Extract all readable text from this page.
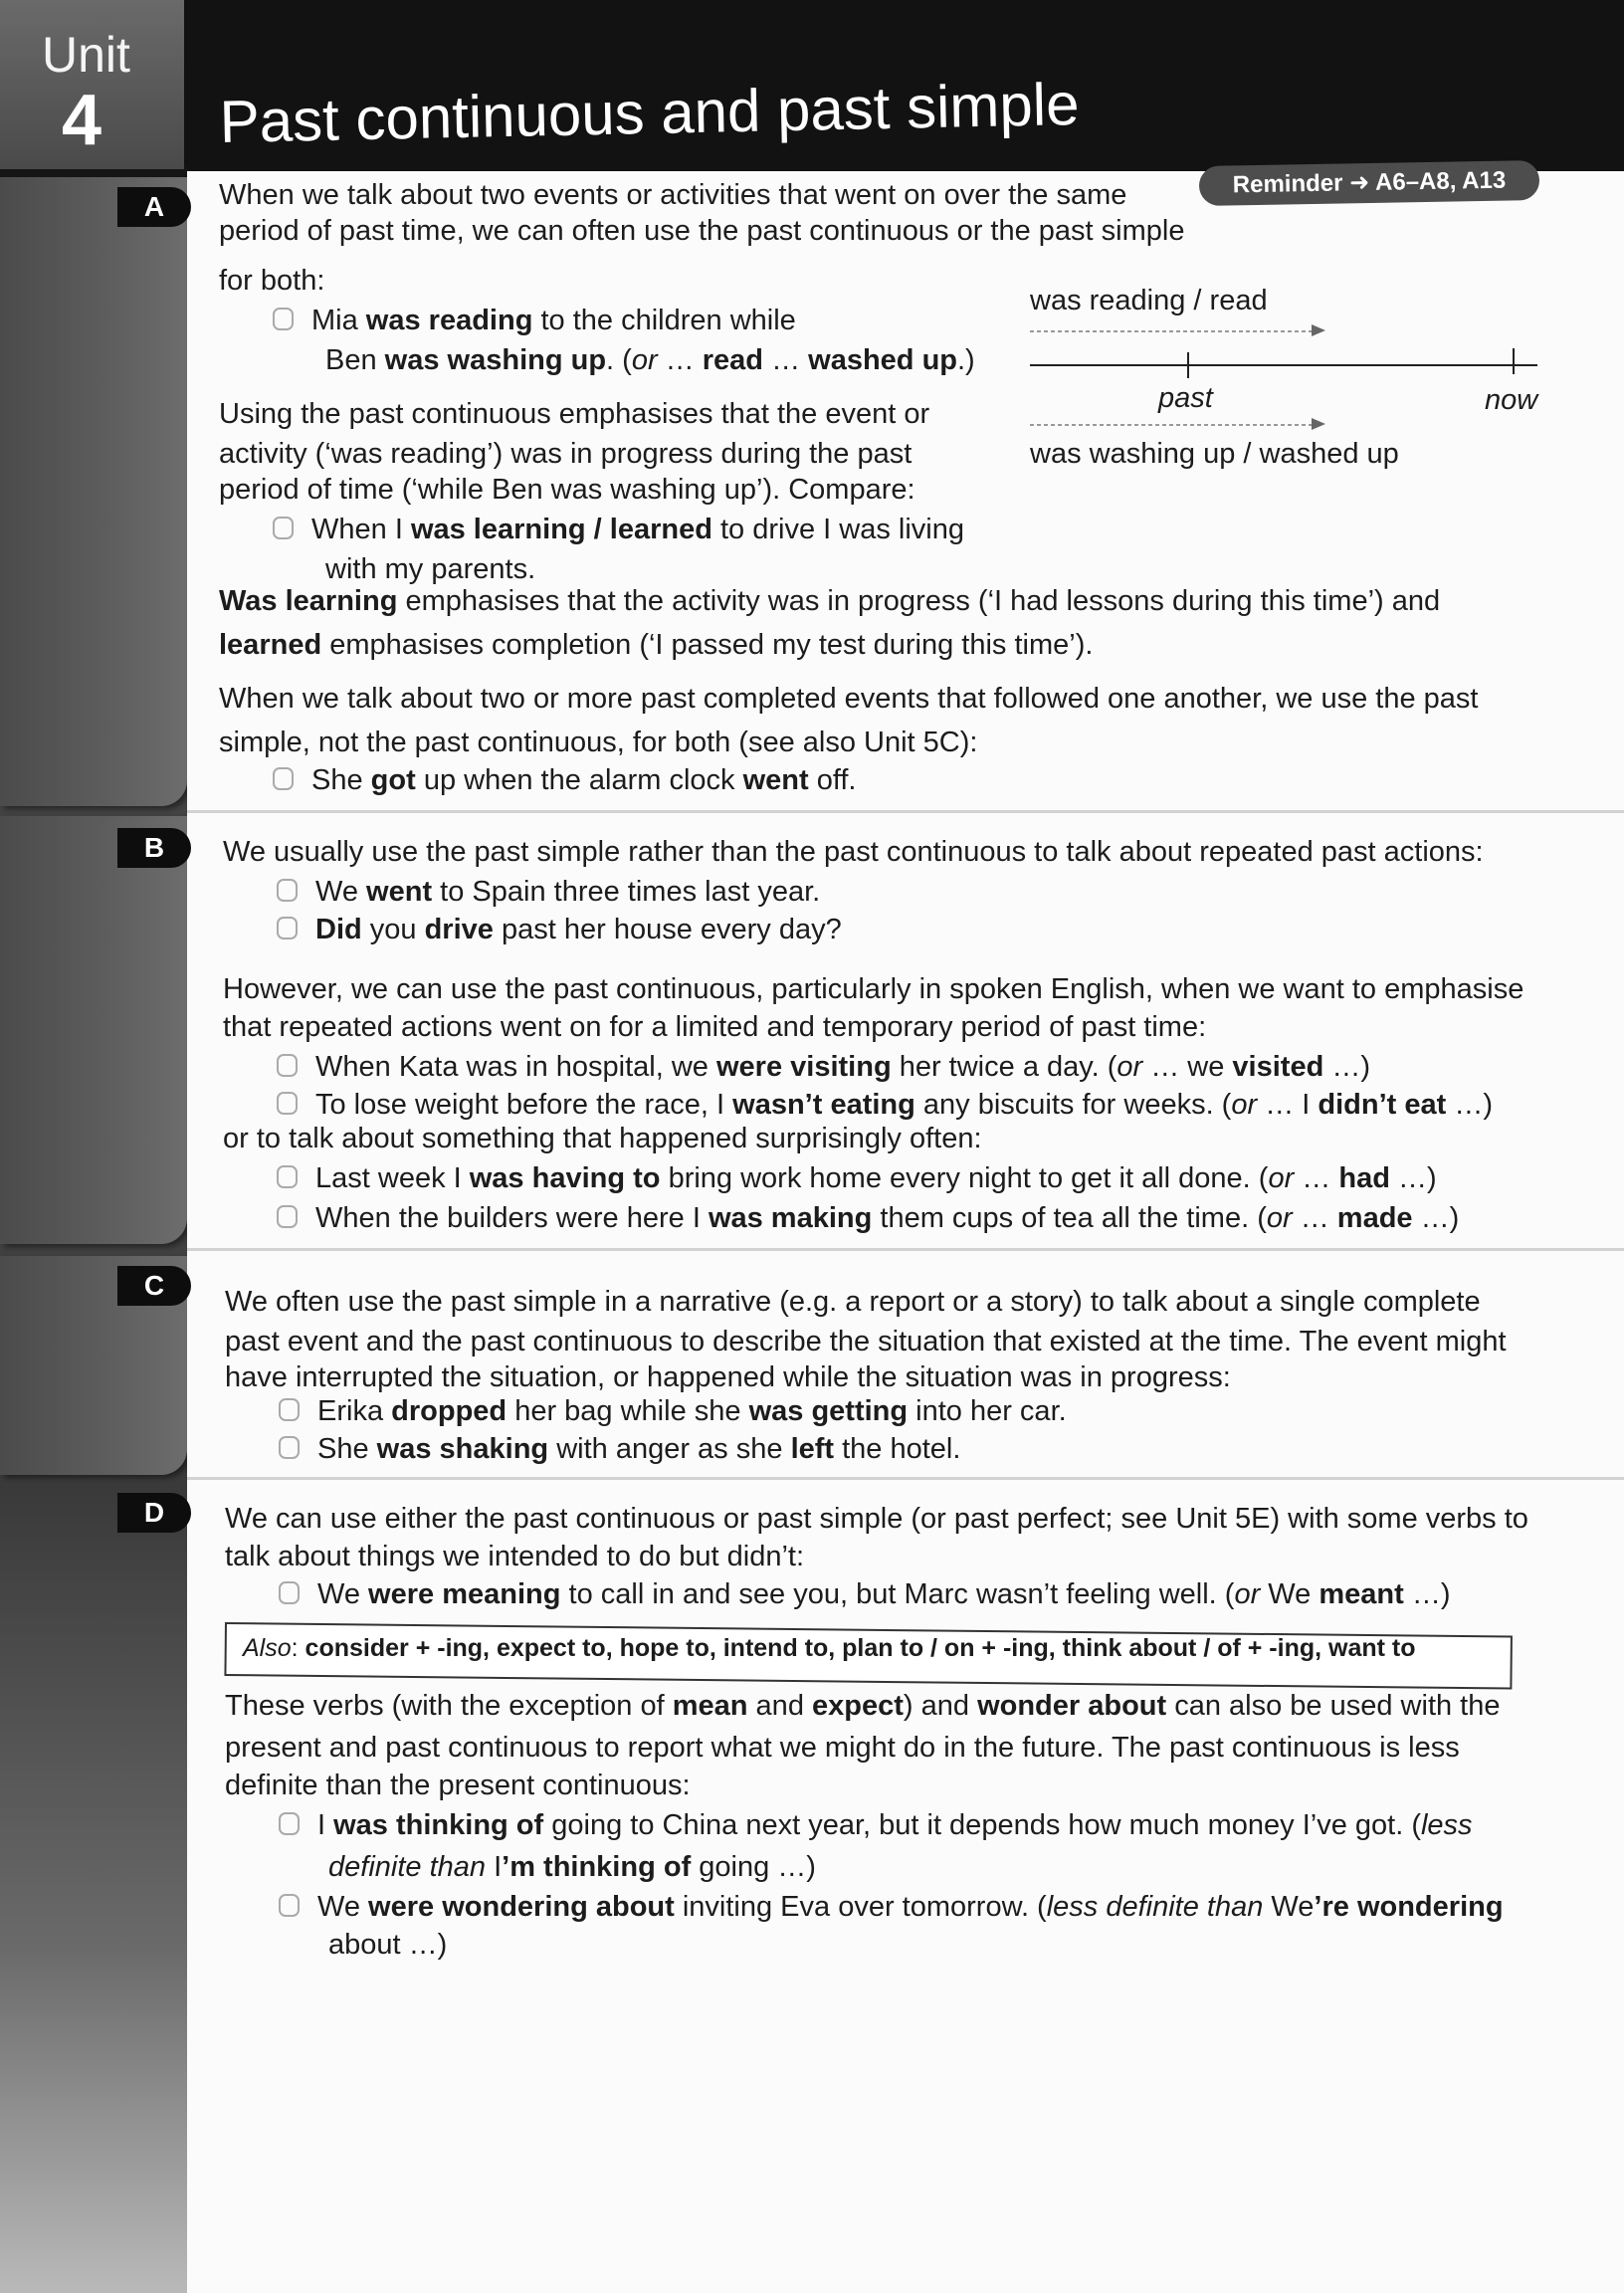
Unit
4 Past continuous and past simple
Reminder ➜ A6–A8, A13
A
B
C
D
When we talk about two events or activities that went on over the same
period of past time, we can often use the past continuous or the past simple
for both:
Mia was reading to the children while
Ben was washing up. (or … read … washed up.)
was reading / read
past	now
was washing up / washed up
Using the past continuous emphasises that the event or
activity (‘was reading’) was in progress during the past
period of time (‘while Ben was washing up’). Compare:
When I was learning / learned to drive I was living
with my parents.
Was learning emphasises that the activity was in progress (‘I had lessons during this time’) and
learned emphasises completion (‘I passed my test during this time’).
When we talk about two or more past completed events that followed one another, we use the past
simple, not the past continuous, for both (see also Unit 5C):
She got up when the alarm clock went off.
We usually use the past simple rather than the past continuous to talk about repeated past actions:
We went to Spain three times last year.
Did you drive past her house every day?
However, we can use the past continuous, particularly in spoken English, when we want to emphasise
that repeated actions went on for a limited and temporary period of past time:
When Kata was in hospital, we were visiting her twice a day. (or … we visited …)
To lose weight before the race, I wasn’t eating any biscuits for weeks. (or … I didn’t eat …)
or to talk about something that happened surprisingly often:
Last week I was having to bring work home every night to get it all done. (or … had …)
When the builders were here I was making them cups of tea all the time. (or … made …)
We often use the past simple in a narrative (e.g. a report or a story) to talk about a single complete
past event and the past continuous to describe the situation that existed at the time. The event might
have interrupted the situation, or happened while the situation was in progress:
Erika dropped her bag while she was getting into her car.
She was shaking with anger as she left the hotel.
We can use either the past continuous or past simple (or past perfect; see Unit 5E) with some verbs to
talk about things we intended to do but didn’t:
We were meaning to call in and see you, but Marc wasn’t feeling well. (or We meant …)
Also: consider + -ing, expect to, hope to, intend to, plan to / on + -ing, think about / of + -ing, want to
These verbs (with the exception of mean and expect) and wonder about can also be used with the
present and past continuous to report what we might do in the future. The past continuous is less
definite than the present continuous:
I was thinking of going to China next year, but it depends how much money I’ve got. (less
definite than I’m thinking of going …)
We were wondering about inviting Eva over tomorrow. (less definite than We’re wondering
about …)
